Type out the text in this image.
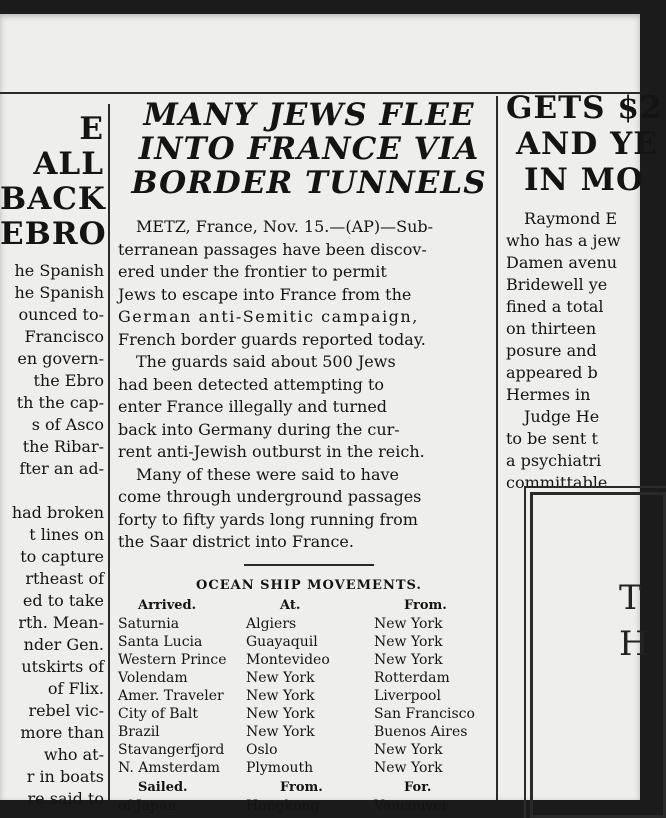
E ALL
BACK
EBRO
he Spanish
he Spanish
ounced to-
Francisco
en govern-
the Ebro
th the cap-
s of Asco
the Ribar-
fter an ad-
had broken
t lines on
to capture
rtheast of
ed to take
rth. Mean-
nder Gen.
utskirts of
of Flix.
rebel vic-
more than
who at-
r in boats
re said to
MANY JEWS FLEE
INTO FRANCE VIA
BORDER TUNNELS
METZ, France, Nov. 15.—(AP)—Sub-
terranean passages have been discov-
ered under the frontier to permit
Jews to escape into France from the
German anti-Semitic campaign,
French border guards reported today.
The guards said about 500 Jews
had been detected attempting to
enter France illegally and turned
back into Germany during the cur-
rent anti-Jewish outburst in the reich.
Many of these were said to have
come through underground passages
forty to fifty yards long running from
the Saar district into France.
OCEAN SHIP MOVEMENTS.
Arrived.	At.	From.
Saturnia	Algiers	New York
Santa Lucia	Guayaquil	New York
Western Prince	Montevideo	New York
Volendam	New York	Rotterdam
Amer. Traveler	New York	Liverpool
City of Balt	New York	San Francisco
Brazil	New York	Buenos Aires
Stavangerfjord	Oslo	New York
N. Amsterdam	Plymouth	New York
Sailed.	From.	For.
of Japan	Hongkong	Vancouver
GETS $2
AND YE
IN MO
Raymond E
who has a jew
Damen avenu
Bridewell ye
fined a total
on thirteen
posure and
appeared b
Hermes in
Judge He
to be sent t
a psychiatri
committable
T
H
